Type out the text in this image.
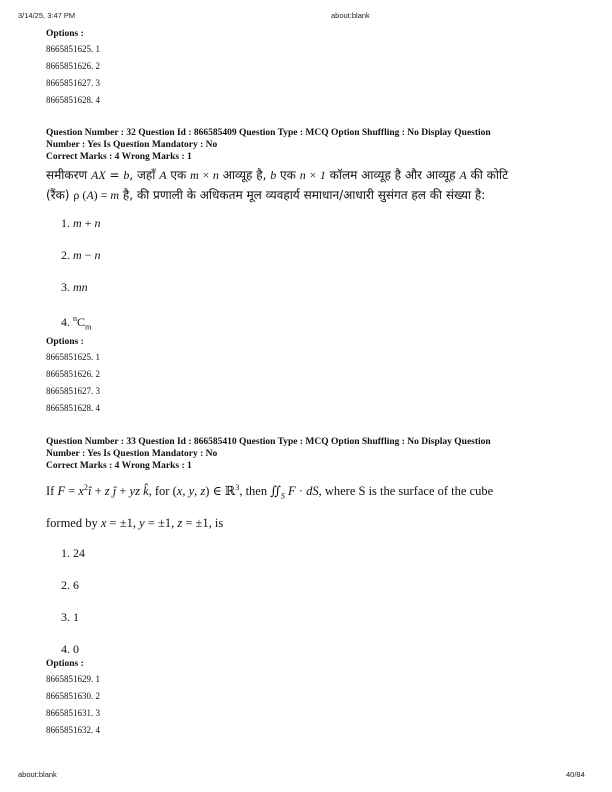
3/14/25, 3:47 PM	about:blank
Options :
8665851625. 1
8665851626. 2
8665851627. 3
8665851628. 4
Question Number : 32 Question Id : 866585409 Question Type : MCQ Option Shuffling : No Display Question
Number : Yes Is Question Mandatory : No
Correct Marks : 4 Wrong Marks : 1
समीकरण AX = b, जहाँ A एक m × n आव्यूह है, b एक n × 1 कॉलम आव्यूह है और आव्यूह A की कोटि
(रैंक) ρ (A) = m है, की प्रणाली के अधिकतम मूल व्यवहार्य समाधान/आधारी सुसंगत हल की संख्या है:
1. m + n
2. m − n
3. mn
4. $^nC_m$
Options :
8665851625. 1
8665851626. 2
8665851627. 3
8665851628. 4
Question Number : 33 Question Id : 866585410 Question Type : MCQ Option Shuffling : No Display Question
Number : Yes Is Question Mandatory : No
Correct Marks : 4 Wrong Marks : 1
If $F = x^2î + z$ ĵ + yz k̂, for (x, y, z) ∈ ℝ$^3$, then $∬_S$ F · dS, where S is the surface of the cube
formed by x = ±1, y = ±1, z = ±1, is
1. 24
2. 6
3. 1
4. 0
Options :
8665851629. 1
8665851630. 2
8665851631. 3
8665851632. 4
about:blank	40/84
